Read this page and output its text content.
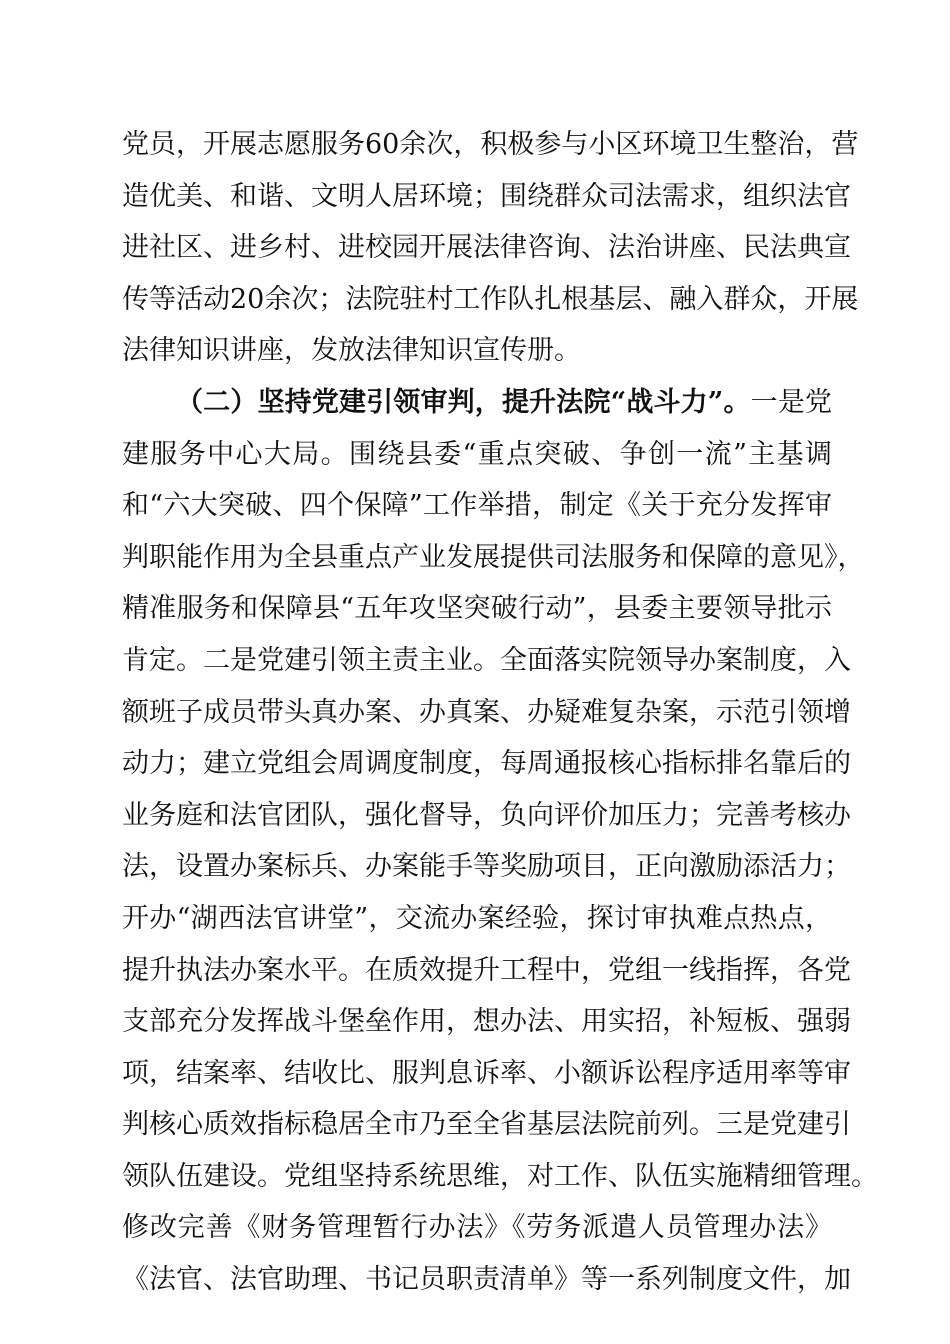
党员，开展志愿服务60余次，积极参与小区环境卫生整治，营
造优美、和谐、文明人居环境；围绕群众司法需求，组织法官
进社区、进乡村、进校园开展法律咨询、法治讲座、民法典宣
传等活动20余次；法院驻村工作队扎根基层、融入群众，开展
法律知识讲座，发放法律知识宣传册。
（二）坚持党建引领审判，提升法院“战斗力”。一是党
建服务中心大局。围绕县委“重点突破、争创一流”主基调
和“六大突破、四个保障”工作举措，制定《关于充分发挥审
判职能作用为全县重点产业发展提供司法服务和保障的意见》，
精准服务和保障县“五年攻坚突破行动”，县委主要领导批示
肯定。二是党建引领主责主业。全面落实院领导办案制度，入
额班子成员带头真办案、办真案、办疑难复杂案，示范引领增
动力；建立党组会周调度制度，每周通报核心指标排名靠后的
业务庭和法官团队，强化督导，负向评价加压力；完善考核办
法，设置办案标兵、办案能手等奖励项目，正向激励添活力；
开办“湖西法官讲堂”，交流办案经验，探讨审执难点热点，
提升执法办案水平。在质效提升工程中，党组一线指挥，各党
支部充分发挥战斗堡垒作用，想办法、用实招，补短板、强弱
项，结案率、结收比、服判息诉率、小额诉讼程序适用率等审
判核心质效指标稳居全市乃至全省基层法院前列。三是党建引
领队伍建设。党组坚持系统思维，对工作、队伍实施精细管理。
修改完善《财务管理暂行办法》《劳务派遣人员管理办法》
《法官、法官助理、书记员职责清单》等一系列制度文件，加
